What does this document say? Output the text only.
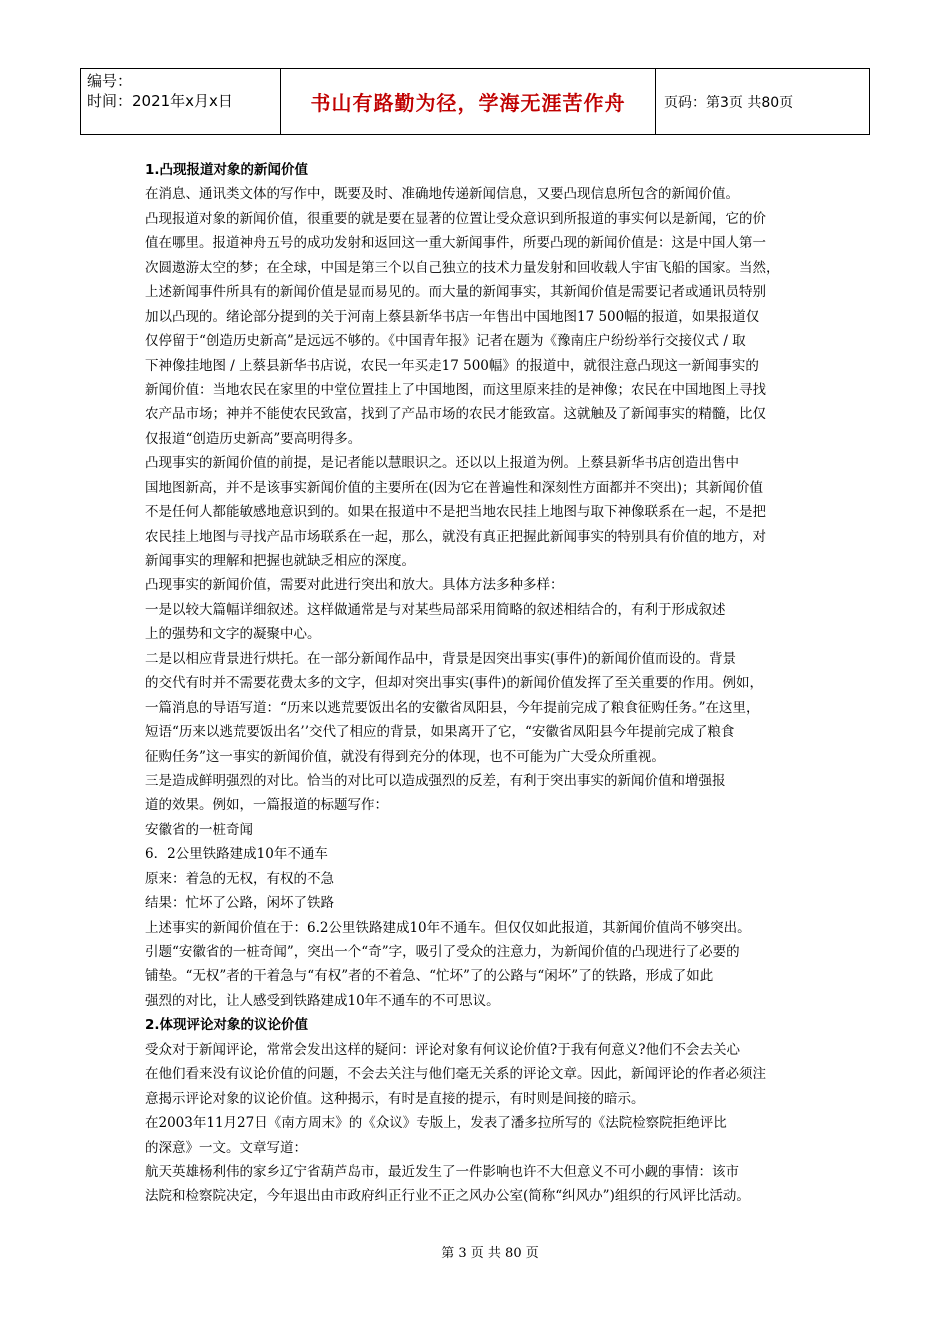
编号：
时间：2021年x月x日	书山有路勤为径，学海无涯苦作舟	页码：第3页 共80页
1.凸现报道对象的新闻价值
在消息、通讯类文体的写作中，既要及时、准确地传递新闻信息，又要凸现信息所包含的新闻价值。
凸现报道对象的新闻价值，很重要的就是要在显著的位置让受众意识到所报道的事实何以是新闻，它的价
值在哪里。报道神舟五号的成功发射和返回这一重大新闻事件，所要凸现的新闻价值是：这是中国人第一
次圆遨游太空的梦；在全球，中国是第三个以自己独立的技术力量发射和回收载人宇宙飞船的国家。当然，
上述新闻事件所具有的新闻价值是显而易见的。而大量的新闻事实，其新闻价值是需要记者或通讯员特别
加以凸现的。绪论部分提到的关于河南上蔡县新华书店一年售出中国地图17 500幅的报道，如果报道仅
仅停留于“创造历史新高”是远远不够的。《中国青年报》记者在题为《豫南庄户纷纷举行交接仪式 / 取
下神像挂地图 / 上蔡县新华书店说，农民一年买走17 500幅》的报道中，就很注意凸现这一新闻事实的
新闻价值：当地农民在家里的中堂位置挂上了中国地图，而这里原来挂的是神像；农民在中国地图上寻找
农产品市场；神并不能使农民致富，找到了产品市场的农民才能致富。这就触及了新闻事实的精髓，比仅
仅报道“创造历史新高”要高明得多。
凸现事实的新闻价值的前提，是记者能以慧眼识之。还以以上报道为例。上蔡县新华书店创造出售中
国地图新高，并不是该事实新闻价值的主要所在(因为它在普遍性和深刻性方面都并不突出)；其新闻价值
不是任何人都能敏感地意识到的。如果在报道中不是把当地农民挂上地图与取下神像联系在一起，不是把
农民挂上地图与寻找产品市场联系在一起，那么，就没有真正把握此新闻事实的特别具有价值的地方，对
新闻事实的理解和把握也就缺乏相应的深度。
凸现事实的新闻价值，需要对此进行突出和放大。具体方法多种多样：
一是以较大篇幅详细叙述。这样做通常是与对某些局部采用简略的叙述相结合的，有利于形成叙述
上的强势和文字的凝聚中心。
二是以相应背景进行烘托。在一部分新闻作品中，背景是因突出事实(事件)的新闻价值而设的。背景
的交代有时并不需要花费太多的文字，但却对突出事实(事件)的新闻价值发挥了至关重要的作用。例如，
一篇消息的导语写道：“历来以逃荒要饭出名的安徽省凤阳县，今年提前完成了粮食征购任务。”在这里，
短语“历来以逃荒要饭出名’’交代了相应的背景，如果离开了它，“安徽省凤阳县今年提前完成了粮食
征购任务”这一事实的新闻价值，就没有得到充分的体现，也不可能为广大受众所重视。
三是造成鲜明强烈的对比。恰当的对比可以造成强烈的反差，有利于突出事实的新闻价值和增强报
道的效果。例如，一篇报道的标题写作：
安徽省的一桩奇闻
6．2公里铁路建成10年不通车
原来：着急的无权，有权的不急
结果：忙坏了公路，闲坏了铁路
上述事实的新闻价值在于：6.2公里铁路建成10年不通车。但仅仅如此报道，其新闻价值尚不够突出。
引题“安徽省的一桩奇闻”，突出一个“奇”字，吸引了受众的注意力，为新闻价值的凸现进行了必要的
铺垫。“无权”者的干着急与“有权”者的不着急、“忙坏”了的公路与“闲坏”了的铁路，形成了如此
强烈的对比，让人感受到铁路建成10年不通车的不可思议。
2.体现评论对象的议论价值
受众对于新闻评论，常常会发出这样的疑问：评论对象有何议论价值?于我有何意义?他们不会去关心
在他们看来没有议论价值的问题，不会去关注与他们毫无关系的评论文章。因此，新闻评论的作者必须注
意揭示评论对象的议论价值。这种揭示，有时是直接的提示，有时则是间接的暗示。
在2003年11月27日《南方周末》的《众议》专版上，发表了潘多拉所写的《法院检察院拒绝评比
的深意》一文。文章写道：
航天英雄杨利伟的家乡辽宁省葫芦岛市，最近发生了一件影响也许不大但意义不可小觑的事情：该市
法院和检察院决定，今年退出由市政府纠正行业不正之风办公室(简称“纠风办”)组织的行风评比活动。
第 3 页 共 80 页
